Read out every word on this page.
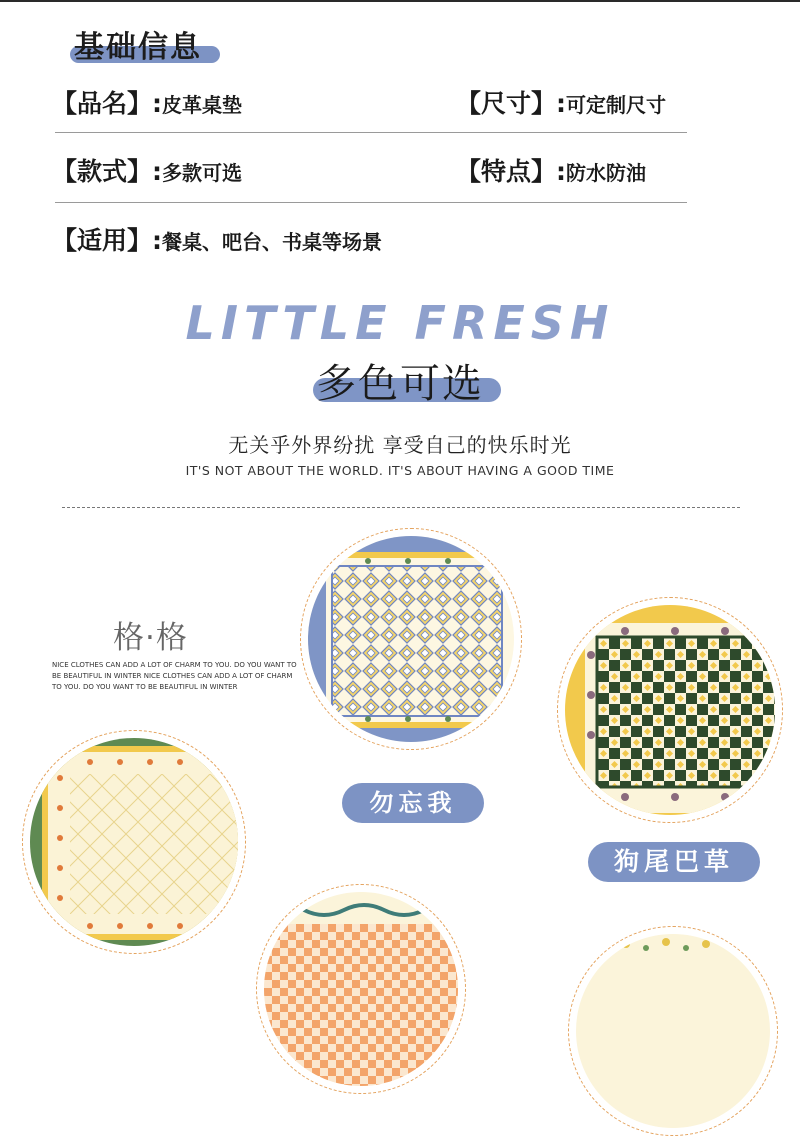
基础信息
【品名】:皮革桌垫	【尺寸】:可定制尺寸
【款式】:多款可选	【特点】:防水防油
【适用】:餐桌、吧台、书桌等场景
LITTLE FRESH
多色可选
无关乎外界纷扰 享受自己的快乐时光
IT'S NOT ABOUT THE WORLD. IT'S ABOUT HAVING A GOOD TIME
格·格
NICE CLOTHES CAN ADD A LOT OF CHARM TO YOU. DO YOU WANT TO BE BEAUTIFUL IN WINTER NICE CLOTHES CAN ADD A LOT OF CHARM TO YOU. DO YOU WANT TO BE BEAUTIFUL IN WINTER
勿忘我
狗尾巴草
